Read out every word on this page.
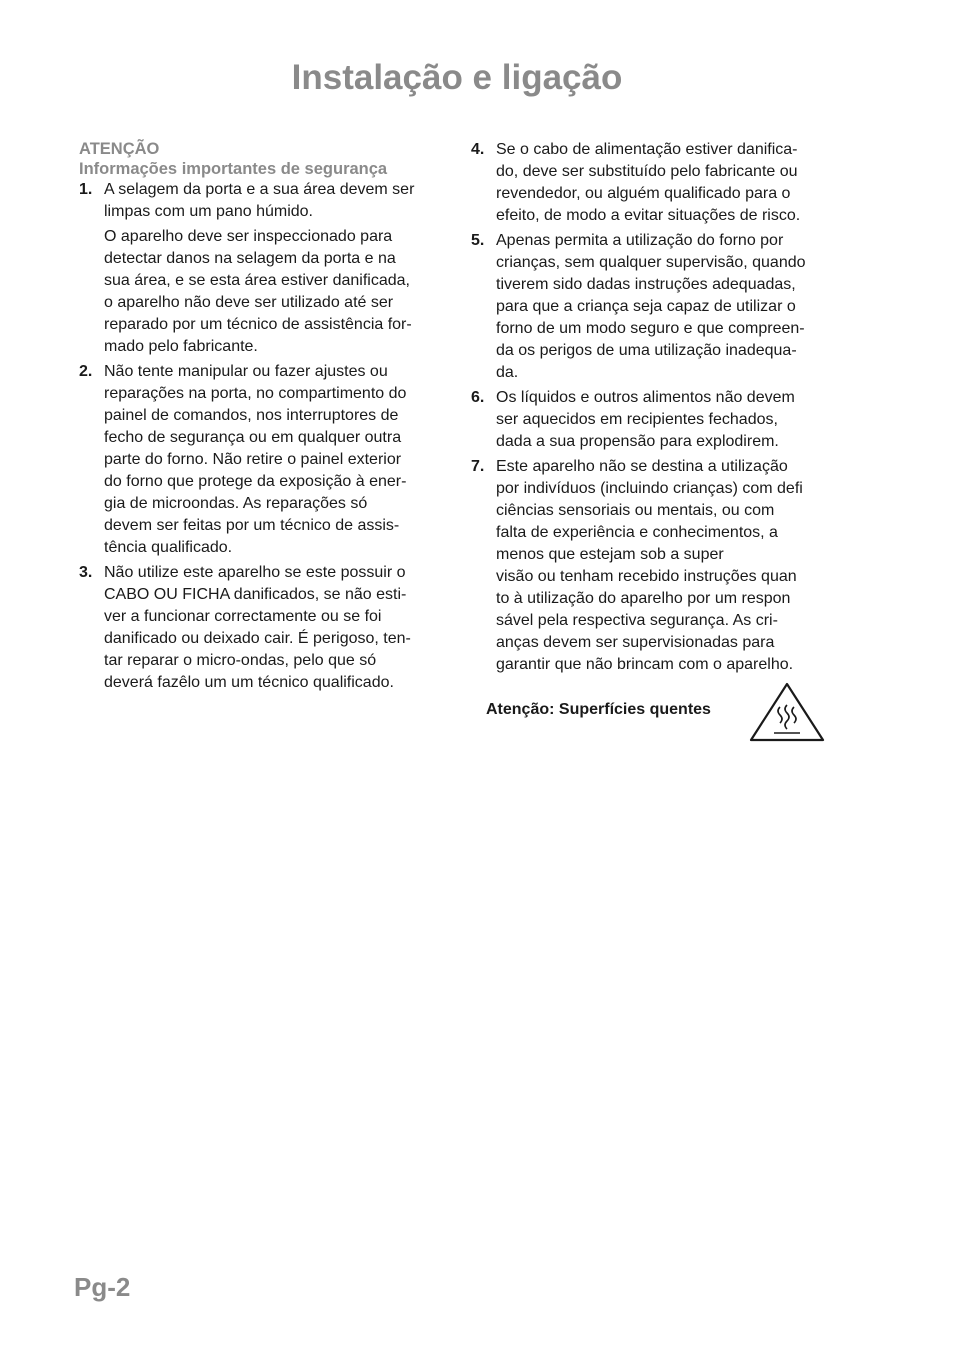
Instalação e ligação
ATENÇÃO
Informações importantes de segurança
1. A selagem da porta e a sua área devem ser
limpas com um pano húmido.
O aparelho deve ser inspeccionado para
detectar danos na selagem da porta e na
sua área, e se esta área estiver danificada,
o aparelho não deve ser utilizado até ser
reparado por um técnico de assistência for-
mado pelo fabricante.
2. Não tente manipular ou fazer ajustes ou
reparações na porta, no compartimento do
painel de comandos, nos interruptores de
fecho de segurança ou em qualquer outra
parte do forno. Não retire o painel exterior
do forno que protege da exposição à ener-
gia de microondas. As reparações só
devem ser feitas por um técnico de assis-
tência qualificado.
3. Não utilize este aparelho se este possuir o
CABO OU FICHA danificados, se não esti-
ver a funcionar correctamente ou se foi
danificado ou deixado cair. É perigoso, ten-
tar reparar o micro-ondas, pelo que só
deverá fazêlo um um técnico qualificado.
4. Se o cabo de alimentação estiver danifica-
do, deve ser substituído pelo fabricante ou
revendedor, ou alguém qualificado para o
efeito, de modo a evitar situações de risco.
5. Apenas permita a utilização do forno por
crianças, sem qualquer supervisão, quando
tiverem sido dadas instruções adequadas,
para que a criança seja capaz de utilizar o
forno de um modo seguro e que compreen-
da os perigos de uma utilização inadequa-
da.
6. Os líquidos e outros alimentos não devem
ser aquecidos em recipientes fechados,
dada a sua propensão para explodirem.
7. Este aparelho não se destina a utilização
por indivíduos (incluindo crianças) com defi
ciências sensoriais ou mentais, ou com
falta de experiência e conhecimentos, a
menos que estejam sob a super
visão ou tenham recebido instruções quan
to à utilização do aparelho por um respon
sável pela respectiva segurança. As cri-
anças devem ser supervisionadas para
garantir que não brincam com o aparelho.
Atenção: Superfícies quentes
Pg-2
